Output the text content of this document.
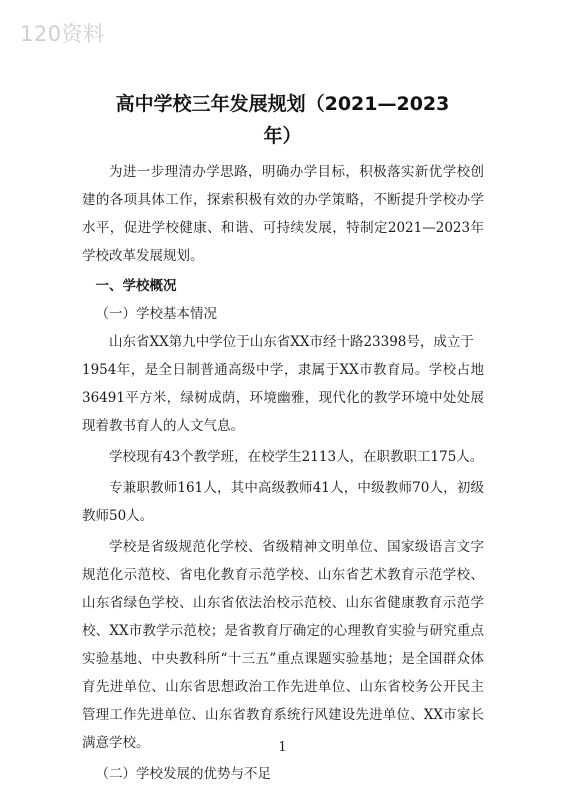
120资料
高中学校三年发展规划（2021—2023
年）

为进一步理清办学思路，明确办学目标，积极落实新优学校创建的各项具体工作，探索积极有效的办学策略，不断提升学校办学水平，促进学校健康、和谐、可持续发展，特制定2021—2023年学校改革发展规划。

一、学校概况

（一）学校基本情况

山东省XX第九中学位于山东省XX市经十路23398号，成立于

1954年，是全日制普通高级中学，隶属于XX市教育局。学校占地36491平方米，绿树成荫，环境幽雅，现代化的教学环境中处处展现着教书育人的人文气息。

学校现有43个教学班，在校学生2113人，在职教职工175人。

专兼职教师161人，其中高级教师41人，中级教师70人，初级教师50人。

学校是省级规范化学校、省级精神文明单位、国家级语言文字规范化示范校、省电化教育示范学校、山东省艺术教育示范学校、山东省绿色学校、山东省依法治校示范校、山东省健康教育示范学校、XX市教学示范校；是省教育厅确定的心理教育实验与研究重点实验基地、中央教科所“十三五”重点课题实验基地；是全国群众体育先进单位、山东省思想政治工作先进单位、山东省校务公开民主管理工作先进单位、山东省教育系统行风建设先进单位、XX市家长满意学校。

（二）学校发展的优势与不足

1
